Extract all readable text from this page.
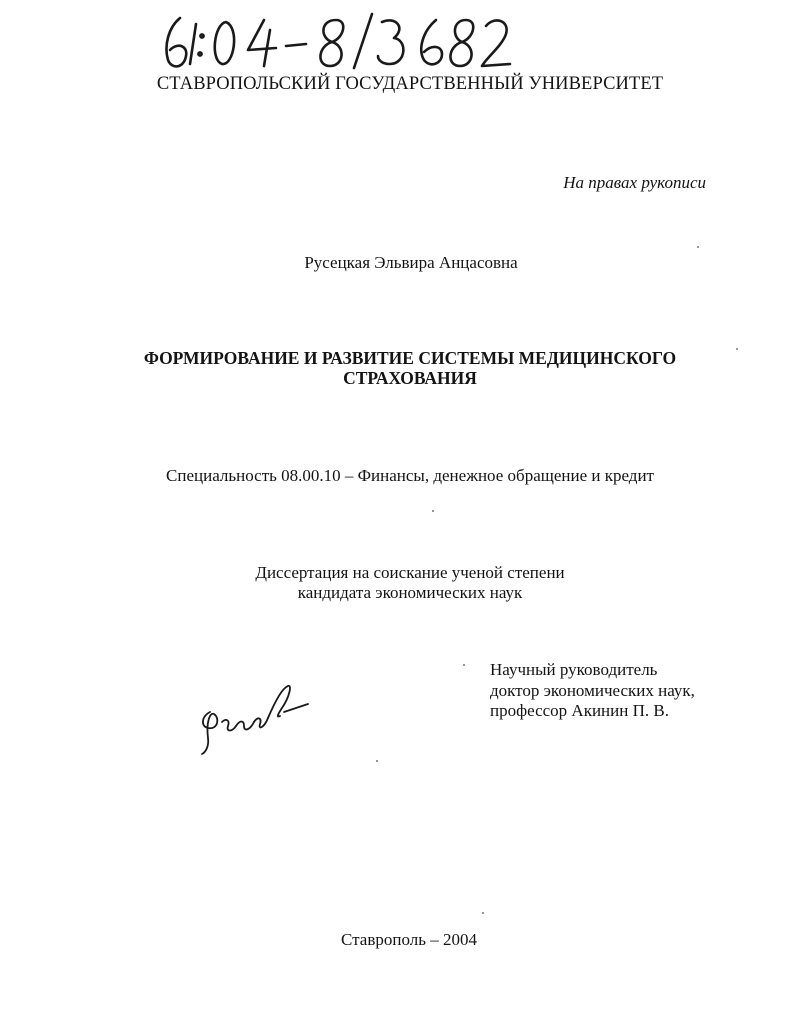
СТАВРОПОЛЬСКИЙ ГОСУДАРСТВЕННЫЙ УНИВЕРСИТЕТ
На правах рукописи
Русецкая Эльвира Анцасовна
ФОРМИРОВАНИЕ И РАЗВИТИЕ СИСТЕМЫ МЕДИЦИНСКОГО
СТРАХОВАНИЯ
Специальность 08.00.10 – Финансы, денежное обращение и кредит
Диссертация на соискание ученой степени
кандидата экономических наук
Научный руководитель
доктор экономических наук,
профессор Акинин П. В.
Ставрополь – 2004
